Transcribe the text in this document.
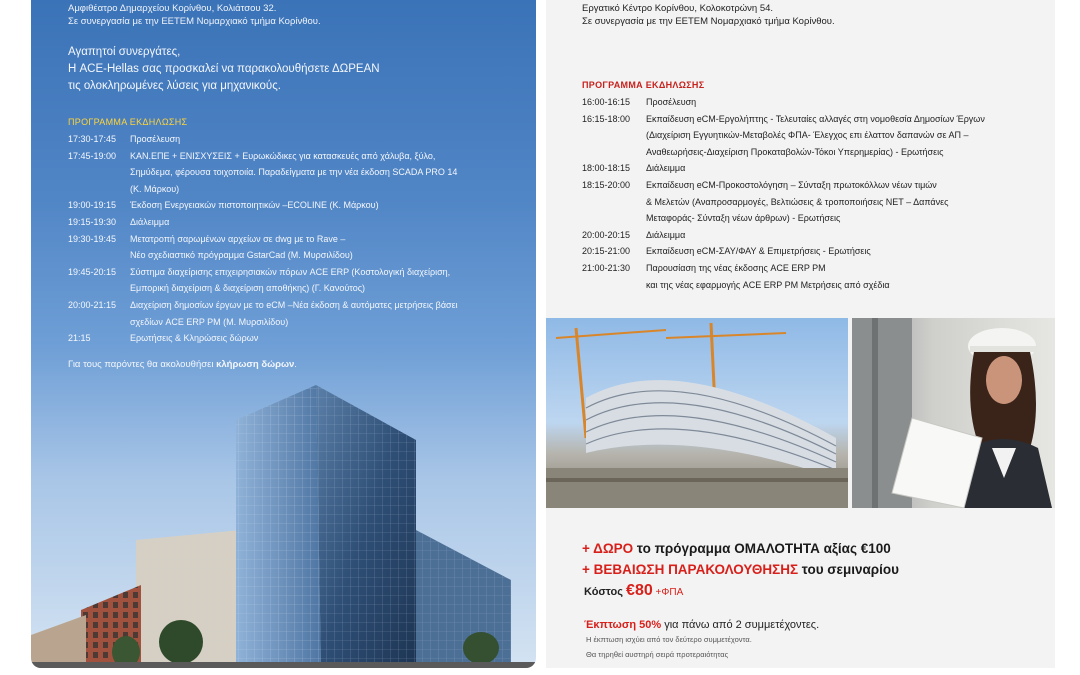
Αμφιθέατρο Δημαρχείου Κορίνθου, Κολιάτσου 32.
Σε συνεργασία με την ΕΕΤΕΜ Νομαρχιακό τμήμα Κορίνθου.
Αγαπητοί συνεργάτες,
Η ACE-Hellas σας προσκαλεί να παρακολουθήσετε ΔΩΡΕΑΝ
τις ολοκληρωμένες λύσεις για μηχανικούς.
ΠΡΟΓΡΑΜΜΑ ΕΚΔΗΛΩΣΗΣ
17:30-17:45	Προσέλευση
17:45-19:00	ΚΑΝ.ΕΠΕ + ΕΝΙΣΧΥΣΕΙΣ + Ευρωκώδικες για κατασκευές από χάλυβα, ξύλο,
Σημύδεμα, φέρουσα τοιχοποιία. Παραδείγματα με την νέα έκδοση SCADA PRO 14
(Κ. Μάρκου)
19:00-19:15	Έκδοση Ενεργειακών πιστοποιητικών –ECOLINE (Κ. Μάρκου)
19:15-19:30	Διάλειμμα
19:30-19:45	Μετατροπή σαρωμένων αρχείων σε dwg με το Rave –
Νέο σχεδιαστικό πρόγραμμα GstarCad (Μ. Μυρσιλίδου)
19:45-20:15	Σύστημα διαχείρισης επιχειρησιακών πόρων ACE ERP (Κοστολογική διαχείριση,
Εμπορική διαχείριση & διαχείριση αποθήκης) (Γ. Κανούτος)
20:00-21:15	Διαχείριση δημοσίων έργων με το eCM –Νέα έκδοση & αυτόματες μετρήσεις βάσει
σχεδίων ACE ERP PM (Μ. Μυρσιλίδου)
21:15	Ερωτήσεις & Κληρώσεις δώρων
Για τους παρόντες θα ακολουθήσει κλήρωση δώρων.
Εργατικό Κέντρο Κορίνθου, Κολοκοτρώνη 54.
Σε συνεργασία με την ΕΕΤΕΜ Νομαρχιακό τμήμα Κορίνθου.
ΠΡΟΓΡΑΜΜΑ ΕΚΔΗΛΩΣΗΣ
16:00-16:15	Προσέλευση
16:15-18:00	Εκπαίδευση eCM-Εργολήπτης - Τελευταίες αλλαγές στη νομοθεσία Δημοσίων Έργων
(Διαχείριση Εγγυητικών-Μεταβολές ΦΠΑ- Έλεγχος επι έλαττον δαπανών σε ΑΠ –
Αναθεωρήσεις-Διαχείριση Προκαταβολών-Τόκοι Υπερημερίας) - Ερωτήσεις
18:00-18:15	Διάλειμμα
18:15-20:00	Εκπαίδευση eCM-Προκοστολόγηση – Σύνταξη πρωτοκόλλων νέων τιμών
& Μελετών (Αναπροσαρμογές, Βελτιώσεις & τροποποιήσεις ΝΕΤ – Δαπάνες
Μεταφοράς- Σύνταξη νέων άρθρων) - Ερωτήσεις
20:00-20:15	Διάλειμμα
20:15-21:00	Εκπαίδευση eCM-ΣΑΥ/ΦΑΥ & Επιμετρήσεις - Ερωτήσεις
21:00-21:30	Παρουσίαση της νέας έκδοσης ACE ERP PM
και της νέας εφαρμογής ACE ERP PM Μετρήσεις από σχέδια
+ ΔΩΡΟ το πρόγραμμα ΟΜΑΛΟΤΗΤΑ αξίας €100
+ ΒΕΒΑΙΩΣΗ ΠΑΡΑΚΟΛΟΥΘΗΣΗΣ του σεμιναρίου
Κόστος €80 +ΦΠΑ
Έκπτωση 50% για πάνω από 2 συμμετέχοντες.
Η έκπτωση ισχύει από τον δεύτερο συμμετέχοντα.
Θα τηρηθεί αυστηρή σειρά προτεραιότητας
